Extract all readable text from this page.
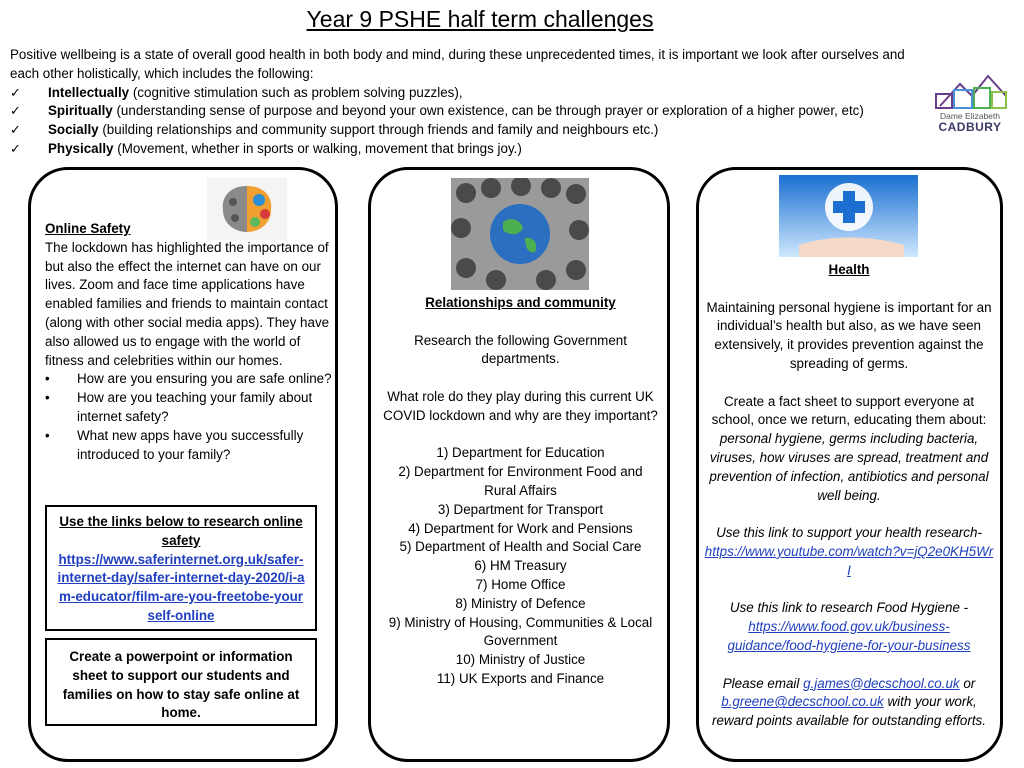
Year 9 PSHE half term challenges

Positive wellbeing is a state of overall good health in both body and mind, during these unprecedented times, it is important we look after ourselves and each other holistically, which includes the following:

✓ Intellectually (cognitive stimulation such as problem solving puzzles),
✓ Spiritually (understanding sense of purpose and beyond your own existence, can be through prayer or exploration of a higher power, etc)
✓ Socially (building relationships and community support through friends and family and neighbours etc.)
✓ Physically (Movement, whether in sports or walking, movement that brings joy.)
Dame Elizabeth
CADBURY

Online Safety

The lockdown has highlighted the importance of but also the effect the internet can have on our lives. Zoom and face time applications have enabled families and friends to maintain contact (along with other social media apps). They have also allowed us to engage with the world of fitness and celebrities within our homes.

• How are you ensuring you are safe online?
• How are you teaching your family about internet safety?
• What new apps have you successfully introduced to your family?

Use the links below to research online safety

https://www.saferinternet.org.uk/safer-internet-day/safer-internet-day-2020/i-am-educator/film-are-you-freetobe-yourself-online

Create a powerpoint or information sheet to support our students and families on how to stay safe online at home.

Relationships and community

Research the following Government departments.

What role do they play during this current UK COVID lockdown and why are they important?

1) Department for Education

2) Department for Environment Food and Rural Affairs

3) Department for Transport

4) Department for Work and Pensions

5) Department of Health and Social Care

6) HM Treasury

7) Home Office

8) Ministry of Defence

9) Ministry of Housing, Communities & Local Government

10) Ministry of Justice

11) UK Exports and Finance

Health

Maintaining personal hygiene is important for an individual’s health but also, as we have seen extensively, it provides prevention against the spreading of germs.

Create a fact sheet to support everyone at school, once we return, educating them about: personal hygiene, germs including bacteria, viruses, how viruses are spread, treatment and prevention of infection, antibiotics and personal well being.

Use this link to support your health research-

https://www.youtube.com/watch?v=jQ2e0KH5WrI

Use this link to research Food Hygiene -

https://www.food.gov.uk/business-guidance/food-hygiene-for-your-business

Please email g.james@decschool.co.uk or b.greene@decschool.co.uk with your work, reward points available for outstanding efforts.
